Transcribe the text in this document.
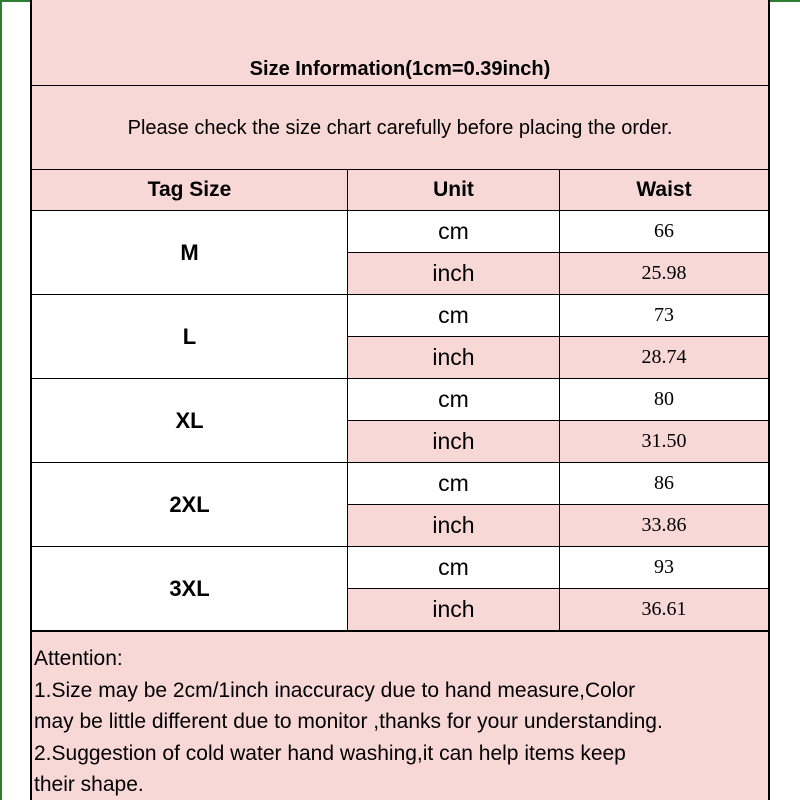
Size Information(1cm=0.39inch)
Please check the size chart carefully before placing the order.
Tag Size	Unit	Waist
M
cm	66
inch	25.98
L
cm	73
inch	28.74
XL
cm	80
inch	31.50
2XL
cm	86
inch	33.86
3XL
cm	93
inch	36.61
Attention:
1.Size may be 2cm/1inch inaccuracy due to hand measure,Color
may be little different due to monitor ,thanks for your understanding.
2.Suggestion of cold water hand washing,it can help items keep
their shape.
